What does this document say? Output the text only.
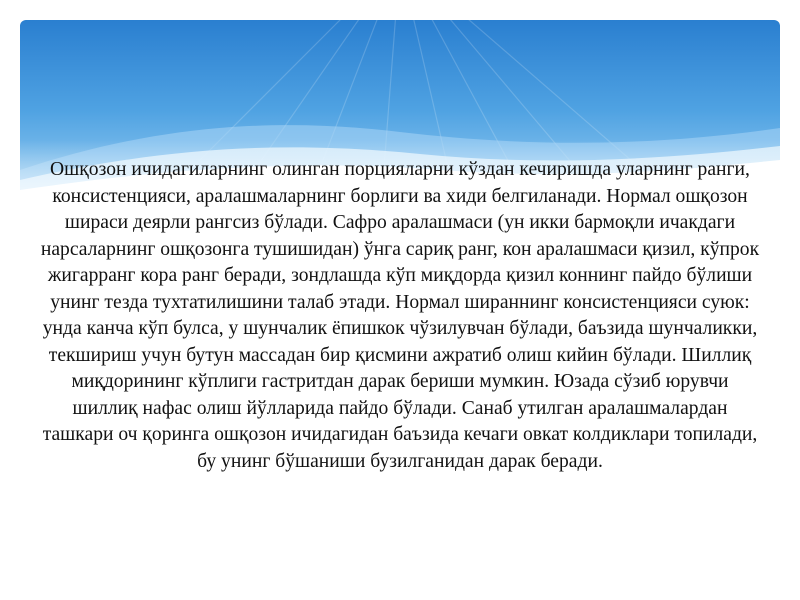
Ошқозон ичидагиларнинг олинган порцияларни кўздан кечиришда уларнинг ранги, консистенцияси, аралашмаларнинг борлиги ва хиди белгиланади. Нормал ошқозон шираси деярли рангсиз бўлади. Сафро аралашмаси (ун икки бармоқли ичакдаги нарсаларнинг ошқозонга тушишидан) ўнга сариқ ранг, кон аралашмаси қизил, кўпрок жигарранг кора ранг беради, зондлашда кўп миқдорда қизил коннинг пайдо бўлиши унинг тезда тухтатилишини талаб этади. Нормал шираннинг консистенцияси суюк: унда канча кўп булса, у шунчалик ёпишкок чўзилувчан бўлади, баъзида шунчаликки, текшириш учун бутун массадан бир қисмини ажратиб олиш кийин бўлади. Шиллиқ миқдорининг кўплиги гастритдан дарак бериши мумкин. Юзада сўзиб юрувчи шиллиқ нафас олиш йўлларида пайдо бўлади. Санаб утилган аралашмалардан ташкари оч қоринга ошқозон ичидагидан баъзида кечаги овкат колдиклари топилади, бу унинг бўшаниши бузилганидан дарак беради.
